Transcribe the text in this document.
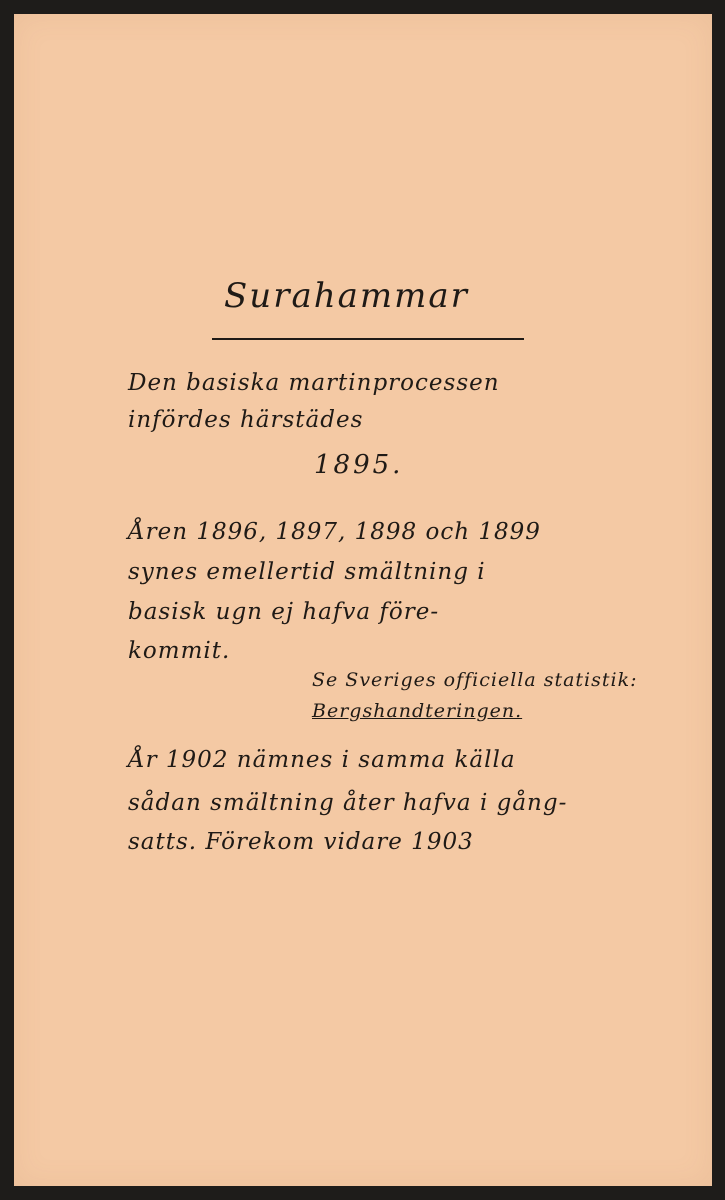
Surahammar

Den basiska martinprocessen

infördes härstädes

1895.

Åren 1896, 1897, 1898 och 1899

synes emellertid smältning i

basisk ugn ej hafva före-

kommit.

Se Sveriges officiella statistik:

Bergshandteringen.

År 1902 nämnes i samma källa

sådan smältning åter hafva i gång-

satts. Förekom vidare 1903
